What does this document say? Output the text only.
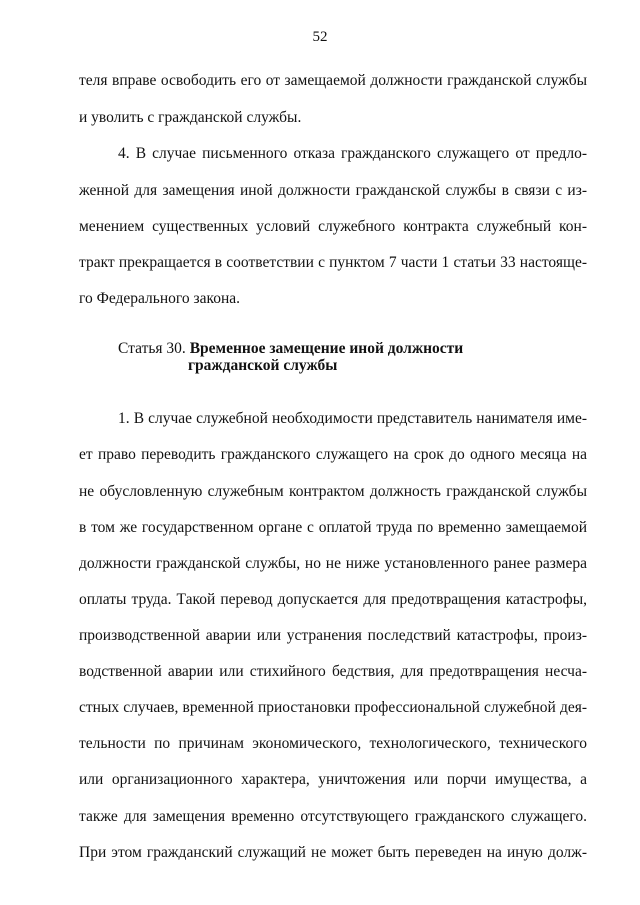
52
теля вправе освободить его от замещаемой должности гражданской службы
и уволить с гражданской службы.
4. В случае письменного отказа гражданского служащего от предло-
женной для замещения иной должности гражданской службы в связи с из-
менением существенных условий служебного контракта служебный кон-
тракт прекращается в соответствии с пунктом 7 части 1 статьи 33 настояще-
го Федерального закона.
Статья 30. Временное замещение иной должности
гражданской службы
1. В случае служебной необходимости представитель нанимателя име-
ет право переводить гражданского служащего на срок до одного месяца на
не обусловленную служебным контрактом должность гражданской службы
в том же государственном органе с оплатой труда по временно замещаемой
должности гражданской службы, но не ниже установленного ранее размера
оплаты труда. Такой перевод допускается для предотвращения катастрофы,
производственной аварии или устранения последствий катастрофы, произ-
водственной аварии или стихийного бедствия, для предотвращения несча-
стных случаев, временной приостановки профессиональной служебной дея-
тельности по причинам экономического, технологического, технического
или организационного характера, уничтожения или порчи имущества, а
также для замещения временно отсутствующего гражданского служащего.
При этом гражданский служащий не может быть переведен на иную долж-
